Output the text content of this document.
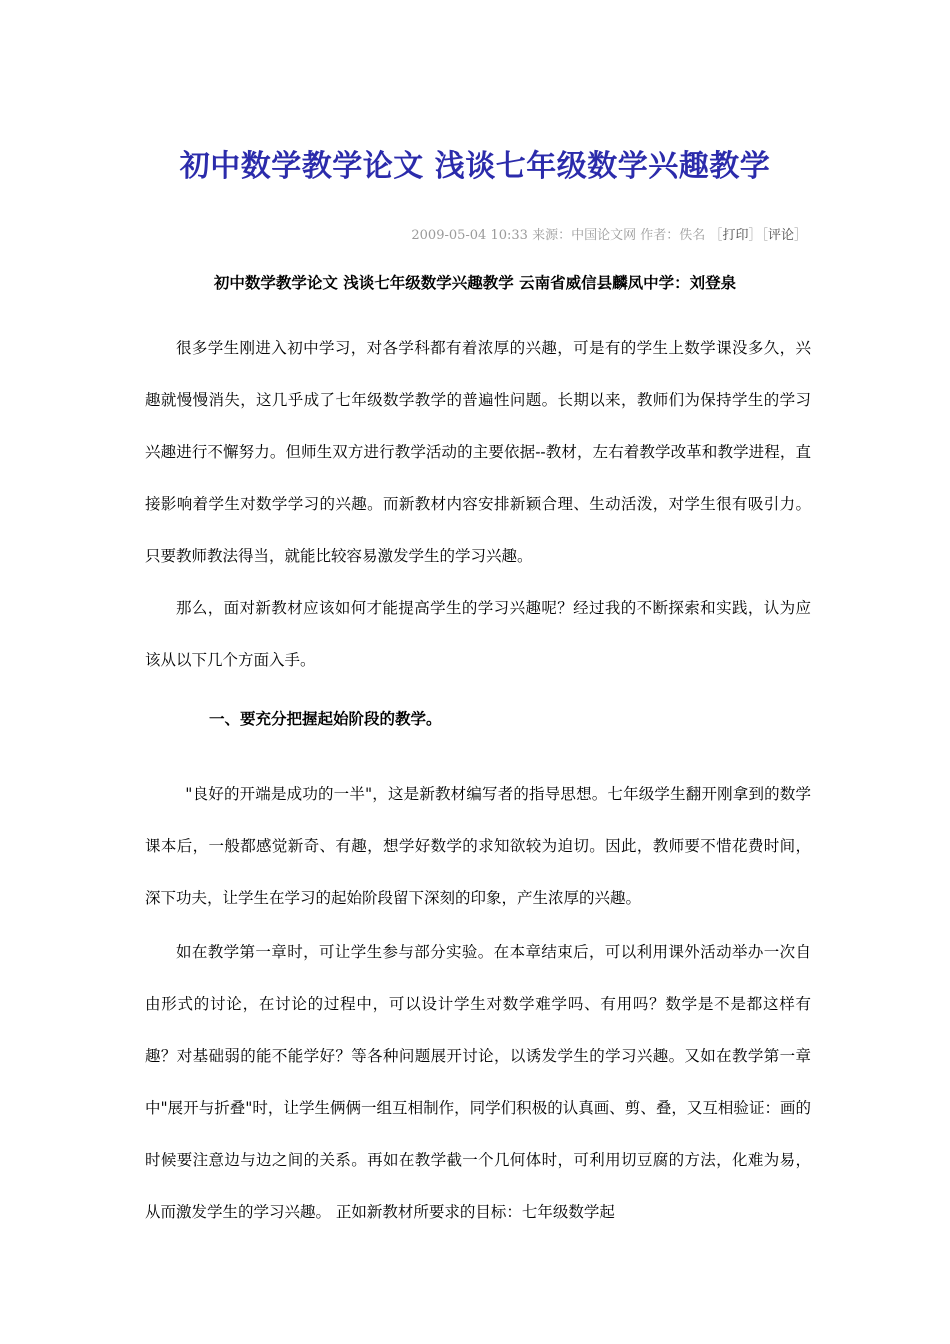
初中数学教学论文 浅谈七年级数学兴趣教学
2009-05-04 10:33 来源：中国论文网 作者：佚名 ［打印］［评论］
初中数学教学论文 浅谈七年级数学兴趣教学 云南省威信县麟凤中学：刘登泉
很多学生刚进入初中学习，对各学科都有着浓厚的兴趣，可是有的学生上数学课没多久，兴趣就慢慢消失，这几乎成了七年级数学教学的普遍性问题。长期以来，教师们为保持学生的学习兴趣进行不懈努力。但师生双方进行教学活动的主要依据--教材，左右着教学改革和教学进程，直接影响着学生对数学学习的兴趣。而新教材内容安排新颖合理、生动活泼，对学生很有吸引力。只要教师教法得当，就能比较容易激发学生的学习兴趣。
那么，面对新教材应该如何才能提高学生的学习兴趣呢？经过我的不断探索和实践，认为应该从以下几个方面入手。
一、要充分把握起始阶段的教学。
"良好的开端是成功的一半"，这是新教材编写者的指导思想。七年级学生翻开刚拿到的数学课本后，一般都感觉新奇、有趣，想学好数学的求知欲较为迫切。因此，教师要不惜花费时间，深下功夫，让学生在学习的起始阶段留下深刻的印象，产生浓厚的兴趣。
如在教学第一章时，可让学生参与部分实验。在本章结束后，可以利用课外活动举办一次自由形式的讨论，在讨论的过程中，可以设计学生对数学难学吗、有用吗？数学是不是都这样有趣？对基础弱的能不能学好？等各种问题展开讨论，以诱发学生的学习兴趣。又如在教学第一章中"展开与折叠"时，让学生俩俩一组互相制作，同学们积极的认真画、剪、叠，又互相验证：画的时候要注意边与边之间的关系。再如在教学截一个几何体时，可利用切豆腐的方法，化难为易，从而激发学生的学习兴趣。 正如新教材所要求的目标：七年级数学起
